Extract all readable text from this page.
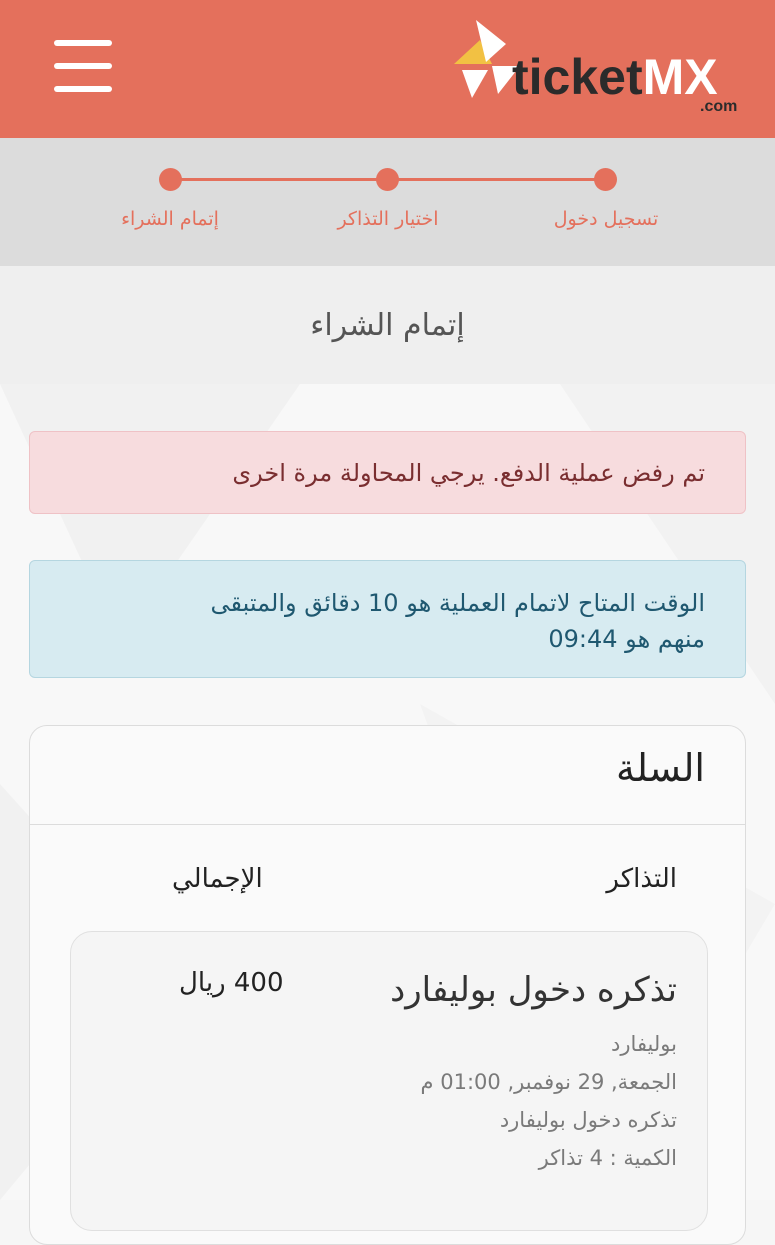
ticketMX
.com
تسجيل دخول
اختيار التذاكر
إتمام الشراء
إتمام الشراء
تم رفض عملية الدفع. يرجي المحاولة مرة اخرى
الوقت المتاح لاتمام العملية هو 10 دقائق والمتبقى
منهم هو 09:44
السلة
التذاكر
الإجمالي
تذكره دخول بوليفارد
بوليفارد
الجمعة, 29 نوفمبر, 01:00 م
تذكره دخول بوليفارد
الكمية : 4 تذاكر
400 ريال
